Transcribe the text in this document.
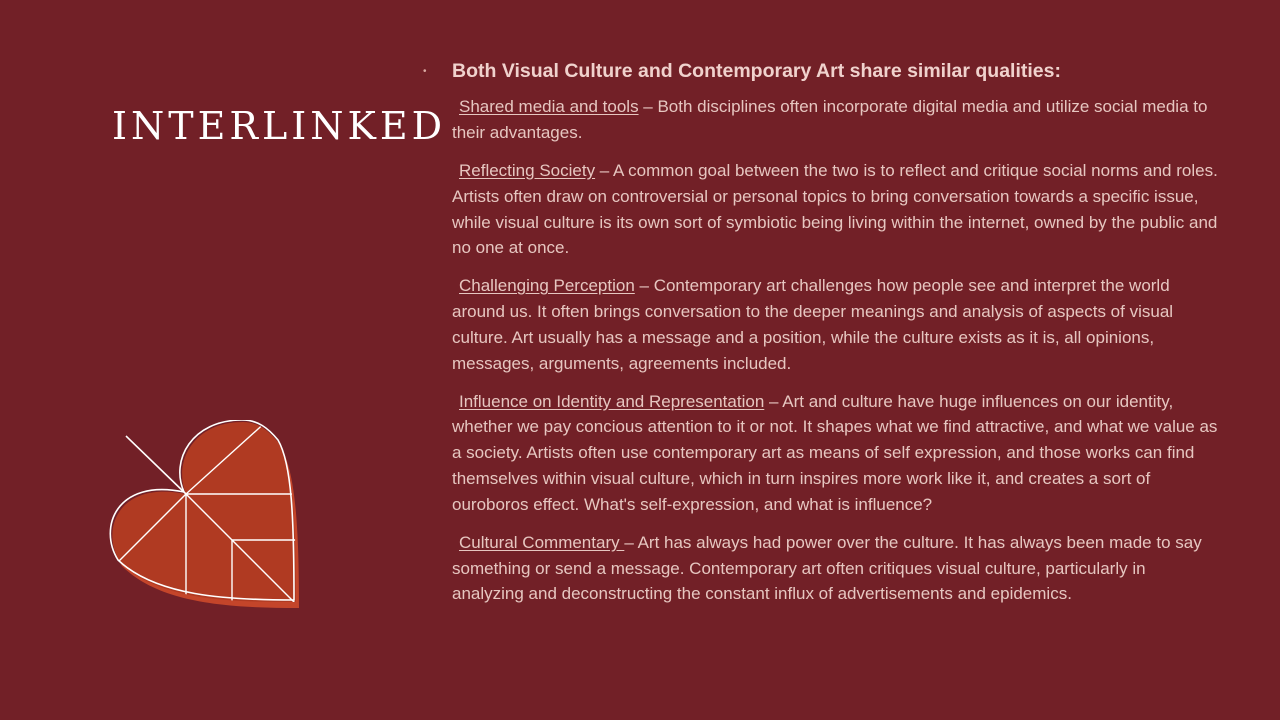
INTERLINKED
• Both Visual Culture and Contemporary Art share similar qualities:

Shared media and tools – Both disciplines often incorporate digital media and utilize social media to their advantages.

Reflecting Society – A common goal between the two is to reflect and critique social norms and roles. Artists often draw on controversial or personal topics to bring conversation towards a specific issue, while visual culture is its own sort of symbiotic being living within the internet, owned by the public and no one at once.

Challenging Perception – Contemporary art challenges how people see and interpret the world around us. It often brings conversation to the deeper meanings and analysis of aspects of visual culture. Art usually has a message and a position, while the culture exists as it is, all opinions, messages, arguments, agreements included.

Influence on Identity and Representation – Art and culture have huge influences on our identity, whether we pay concious attention to it or not. It shapes what we find attractive, and what we value as a society. Artists often use contemporary art as means of self expression, and those works can find themselves within visual culture, which in turn inspires more work like it, and creates a sort of ouroboros effect. What's self-expression, and what is influence?

Cultural Commentary – Art has always had power over the culture. It has always been made to say something or send a message. Contemporary art often critiques visual culture, particularly in analyzing and deconstructing the constant influx of advertisements and epidemics.
